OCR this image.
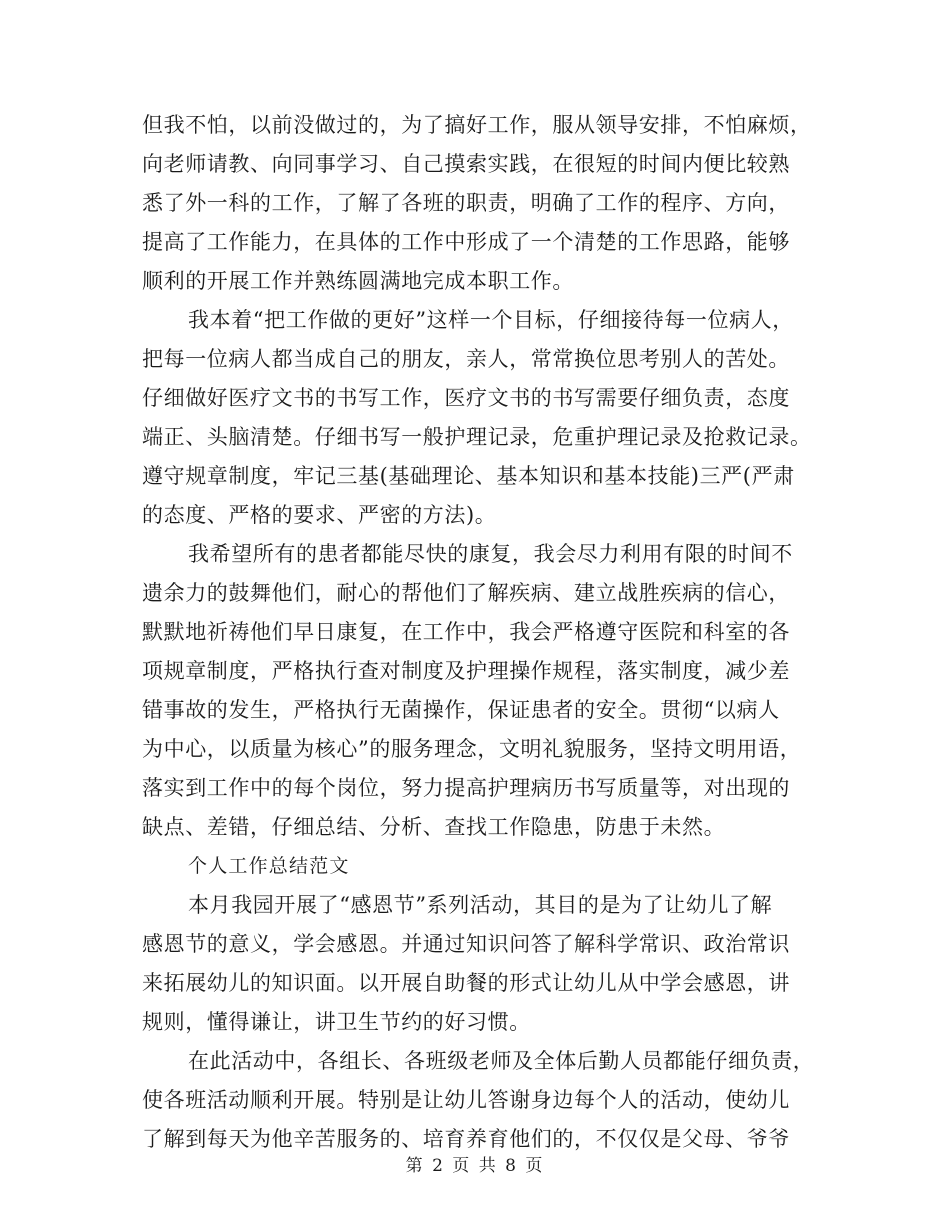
但我不怕，以前没做过的，为了搞好工作，服从领导安排，不怕麻烦，
向老师请教、向同事学习、自己摸索实践，在很短的时间内便比较熟
悉了外一科的工作，了解了各班的职责，明确了工作的程序、方向，
提高了工作能力，在具体的工作中形成了一个清楚的工作思路，能够
顺利的开展工作并熟练圆满地完成本职工作。
我本着“把工作做的更好”这样一个目标，仔细接待每一位病人，
把每一位病人都当成自己的朋友，亲人，常常换位思考别人的苦处。
仔细做好医疗文书的书写工作，医疗文书的书写需要仔细负责，态度
端正、头脑清楚。仔细书写一般护理记录，危重护理记录及抢救记录。
遵守规章制度，牢记三基(基础理论、基本知识和基本技能)三严(严肃
的态度、严格的要求、严密的方法)。
我希望所有的患者都能尽快的康复，我会尽力利用有限的时间不
遗余力的鼓舞他们，耐心的帮他们了解疾病、建立战胜疾病的信心，
默默地祈祷他们早日康复，在工作中，我会严格遵守医院和科室的各
项规章制度，严格执行查对制度及护理操作规程，落实制度，减少差
错事故的发生，严格执行无菌操作，保证患者的安全。贯彻“以病人
为中心，以质量为核心”的服务理念，文明礼貌服务，坚持文明用语，
落实到工作中的每个岗位，努力提高护理病历书写质量等，对出现的
缺点、差错，仔细总结、分析、查找工作隐患，防患于未然。
个人工作总结范文
本月我园开展了“感恩节”系列活动，其目的是为了让幼儿了解
感恩节的意义，学会感恩。并通过知识问答了解科学常识、政治常识
来拓展幼儿的知识面。以开展自助餐的形式让幼儿从中学会感恩，讲
规则，懂得谦让，讲卫生节约的好习惯。
在此活动中，各组长、各班级老师及全体后勤人员都能仔细负责，
使各班活动顺利开展。特别是让幼儿答谢身边每个人的活动，使幼儿
了解到每天为他辛苦服务的、培育养育他们的，不仅仅是父母、爷爷
第 2 页 共 8 页
